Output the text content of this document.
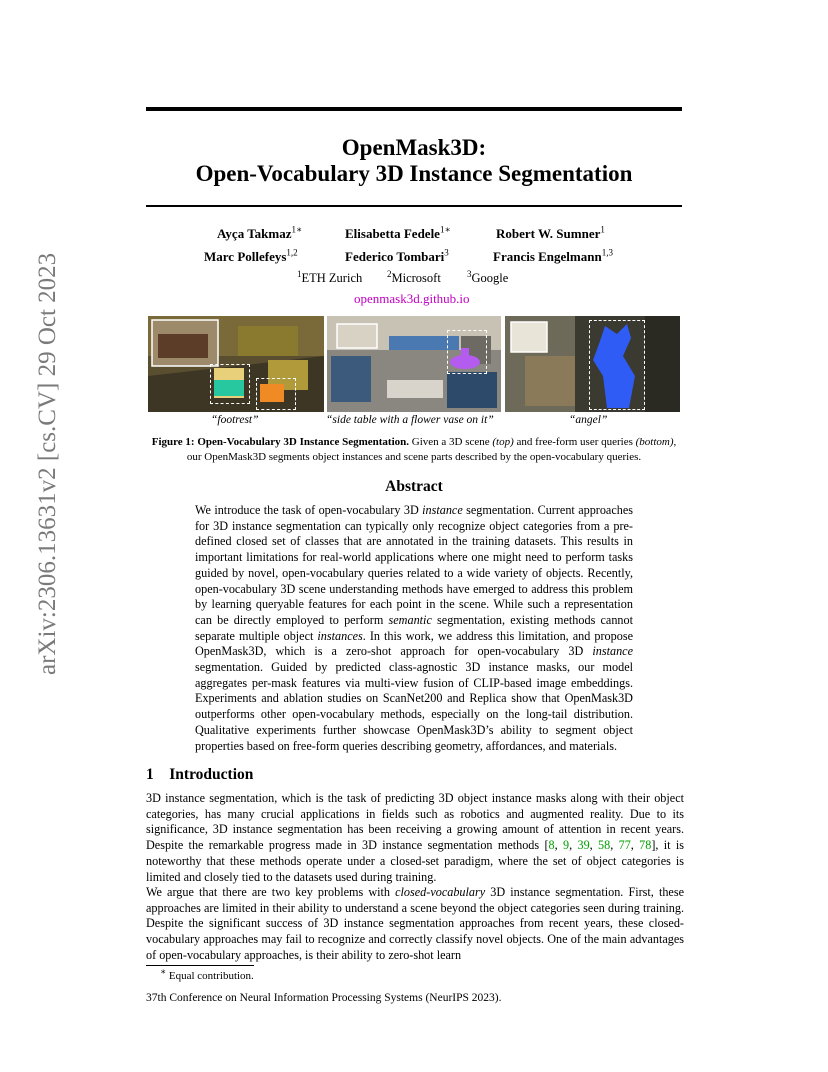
arXiv:2306.13631v2 [cs.CV] 29 Oct 2023
OpenMask3D:
Open-Vocabulary 3D Instance Segmentation
Ayça Takmaz$^{1∗}$	Elisabetta Fedele$^{1∗}$	Robert W. Sumner$^1$
Marc Pollefeys$^{1,2}$	Federico Tombari$^3$	Francis Engelmann$^{1,3}$
$^1$ETH Zurich	$^2$Microsoft	$^3$Google
openmask3d.github.io
“footrest”	“side table with a flower vase on it”	“angel”
Figure 1: Open-Vocabulary 3D Instance Segmentation. Given a 3D scene (top) and free-form user queries (bottom), our OpenMask3D segments object instances and scene parts described by the open-vocabulary queries.
Abstract

We introduce the task of open-vocabulary 3D instance segmentation. Current approaches for 3D instance segmentation can typically only recognize object categories from a pre-defined closed set of classes that are annotated in the training datasets. This results in important limitations for real-world applications where one might need to perform tasks guided by novel, open-vocabulary queries related to a wide variety of objects. Recently, open-vocabulary 3D scene understanding methods have emerged to address this problem by learning queryable features for each point in the scene. While such a representation can be directly employed to perform semantic segmentation, existing methods cannot separate multiple object instances. In this work, we address this limitation, and propose OpenMask3D, which is a zero-shot approach for open-vocabulary 3D instance segmentation. Guided by predicted class-agnostic 3D instance masks, our model aggregates per-mask features via multi-view fusion of CLIP-based image embeddings. Experiments and ablation studies on ScanNet200 and Replica show that OpenMask3D outperforms other open-vocabulary methods, especially on the long-tail distribution. Qualitative experiments further showcase OpenMask3D’s ability to segment object properties based on free-form queries describing geometry, affordances, and materials.

1 Introduction

3D instance segmentation, which is the task of predicting 3D object instance masks along with their object categories, has many crucial applications in fields such as robotics and augmented reality. Due to its significance, 3D instance segmentation has been receiving a growing amount of attention in recent years. Despite the remarkable progress made in 3D instance segmentation methods [8, 9, 39, 58, 77, 78], it is noteworthy that these methods operate under a closed-set paradigm, where the set of object categories is limited and closely tied to the datasets used during training.

We argue that there are two key problems with closed-vocabulary 3D instance segmentation. First, these approaches are limited in their ability to understand a scene beyond the object categories seen during training. Despite the significant success of 3D instance segmentation approaches from recent years, these closed-vocabulary approaches may fail to recognize and correctly classify novel objects. One of the main advantages of open-vocabulary approaches, is their ability to zero-shot learn

∗ Equal contribution.
37th Conference on Neural Information Processing Systems (NeurIPS 2023).
